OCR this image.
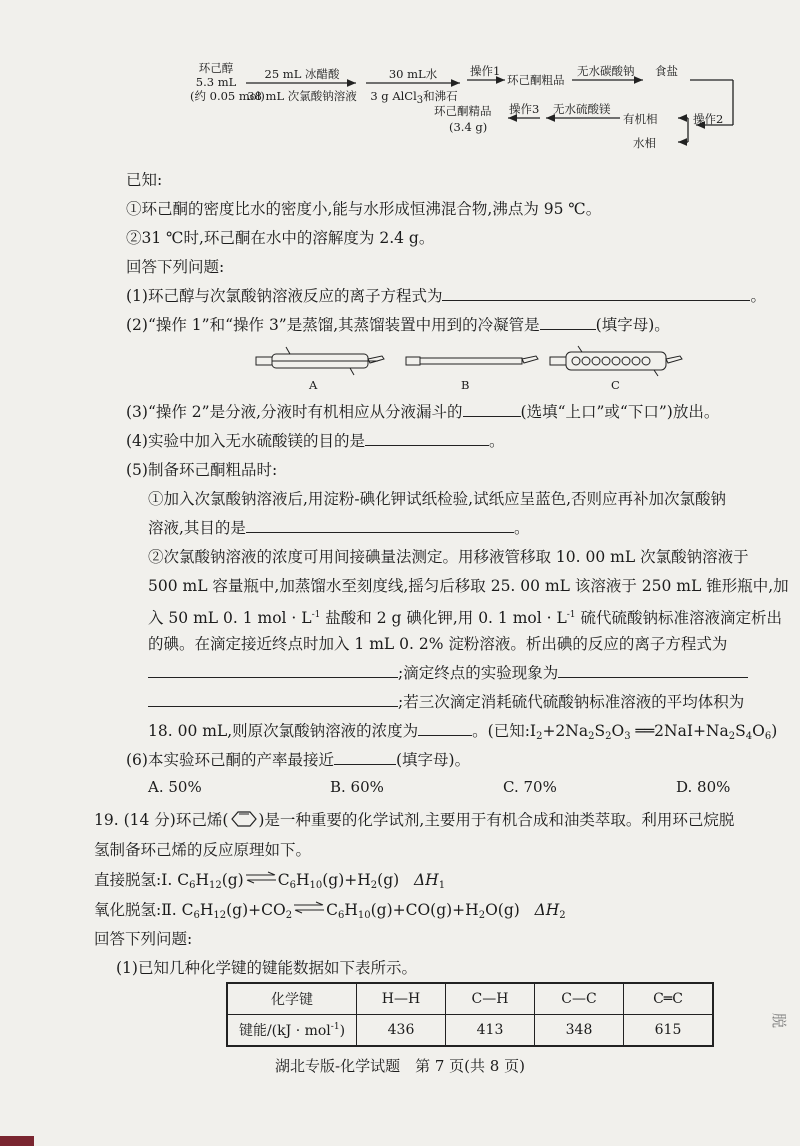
环己醇
5.3 mL
(约 0.05 mol)
25 mL 冰醋酸
38 mL 次氯酸钠溶液
30 mL水
3 g AlCl3和沸石
操作1
环己酮粗品
无水碳酸钠 食盐
操作2
有机相
水相
无水硫酸镁
操作3
环己酮精品
(3.4 g)
已知:
①环己酮的密度比水的密度小,能与水形成恒沸混合物,沸点为 95 ℃。
②31 ℃时,环己酮在水中的溶解度为 2.4 g。
回答下列问题:
(1)环己醇与次氯酸钠溶液反应的离子方程式为	。
(2)“操作 1”和“操作 3”是蒸馏,其蒸馏装置中用到的冷凝管是	(填字母)。
A	B	C
(3)“操作 2”是分液,分液时有机相应从分液漏斗的	(选填“上口”或“下口”)放出。
(4)实验中加入无水硫酸镁的目的是	。
(5)制备环己酮粗品时:
①加入次氯酸钠溶液后,用淀粉-碘化钾试纸检验,试纸应呈蓝色,否则应再补加次氯酸钠
溶液,其目的是	。
②次氯酸钠溶液的浓度可用间接碘量法测定。用移液管移取 10. 00 mL 次氯酸钠溶液于
500 mL 容量瓶中,加蒸馏水至刻度线,摇匀后移取 25. 00 mL 该溶液于 250 mL 锥形瓶中,加
入 50 mL 0. 1 mol · $L^{-1}$ 盐酸和 2 g 碘化钾,用 0. 1 mol · $L^{-1}$ 硫代硫酸钠标准溶液滴定析出
的碘。在滴定接近终点时加入 1 mL 0. 2% 淀粉溶液。析出碘的反应的离子方程式为
;滴定终点的实验现象为
;若三次滴定消耗硫代硫酸钠标准溶液的平均体积为
18. 00 mL,则原次氯酸钠溶液的浓度为	。(已知$:I_2+2Na_2S_2O_3$ $══2NaI+Na_2S_4O_6$)
(6)本实验环己酮的产率最接近	(填字母)。
A. 50%	B. 60%	C. 70%	D. 80%
19. (14 分)环己烯( )是一种重要的化学试剂,主要用于有机合成和油类萃取。利用环己烷脱
氢制备环己烯的反应原理如下。
直接脱氢:Ⅰ. $C_6H_{12}(g)\rightleftharpoons C_6H_{10}(g)+H_2(g)$ $\Delta H_1$
氧化脱氢:Ⅱ. $C_6H_{12}(g)+CO_2$ $\rightleftharpoons C_6H_{10}(g)+CO(g)+H_2O(g)$ $\Delta H_2$
回答下列问题:
(1)已知几种化学键的键能数据如下表所示。
化学键	H—H	C—H	C—C	C═C
键能/(kJ · mol$^{-1}$)	436	413	348	615
脱
湖北专版-化学试题　第 7 页(共 8 页)
